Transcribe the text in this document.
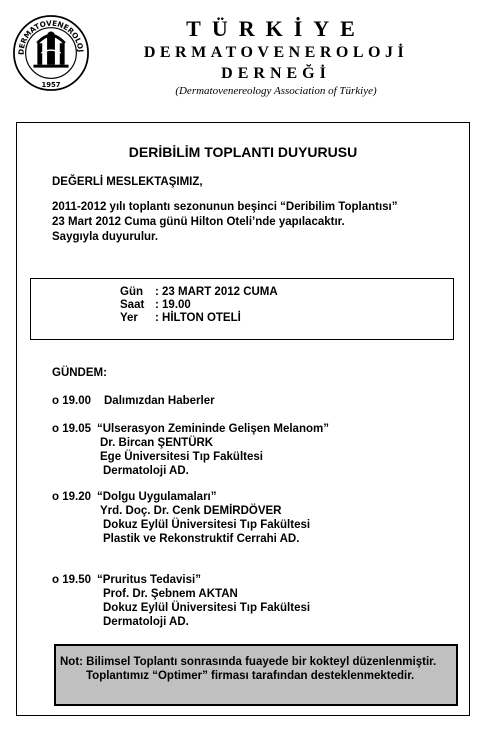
DERMATOVENEROLOJ
1957
TÜRKİYE
DERMATOVENEROLOJİ
DERNEĞİ
(Dermatovenereology Association of Türkiye)
DERİBİLİM TOPLANTI DUYURUSU
DEĞERLİ MESLEKTAŞIMIZ,
2011-2012 yılı toplantı sezonunun beşinci “Deribilim Toplantısı”
23 Mart 2012 Cuma günü Hilton Oteli’nde yapılacaktır.
Saygıyla duyurulur.
Gün : 23 MART 2012 CUMA
Saat : 19.00
Yer : HİLTON OTELİ
GÜNDEM:
o 19.00 Dalımızdan Haberler
o 19.05 “Ulserasyon Zemininde Gelişen Melanom”
Dr. Bircan ŞENTÜRK
Ege Üniversitesi Tıp Fakültesi
Dermatoloji AD.
o 19.20 “Dolgu Uygulamaları”
Yrd. Doç. Dr. Cenk DEMİRDÖVER
Dokuz Eylül Üniversitesi Tıp Fakültesi
Plastik ve Rekonstruktif Cerrahi AD.
o 19.50 “Pruritus Tedavisi”
Prof. Dr. Şebnem AKTAN
Dokuz Eylül Üniversitesi Tıp Fakültesi
Dermatoloji AD.
Not: Bilimsel Toplantı sonrasında fuayede bir kokteyl düzenlenmiştir.
Toplantımız “Optimer” firması tarafından desteklenmektedir.
